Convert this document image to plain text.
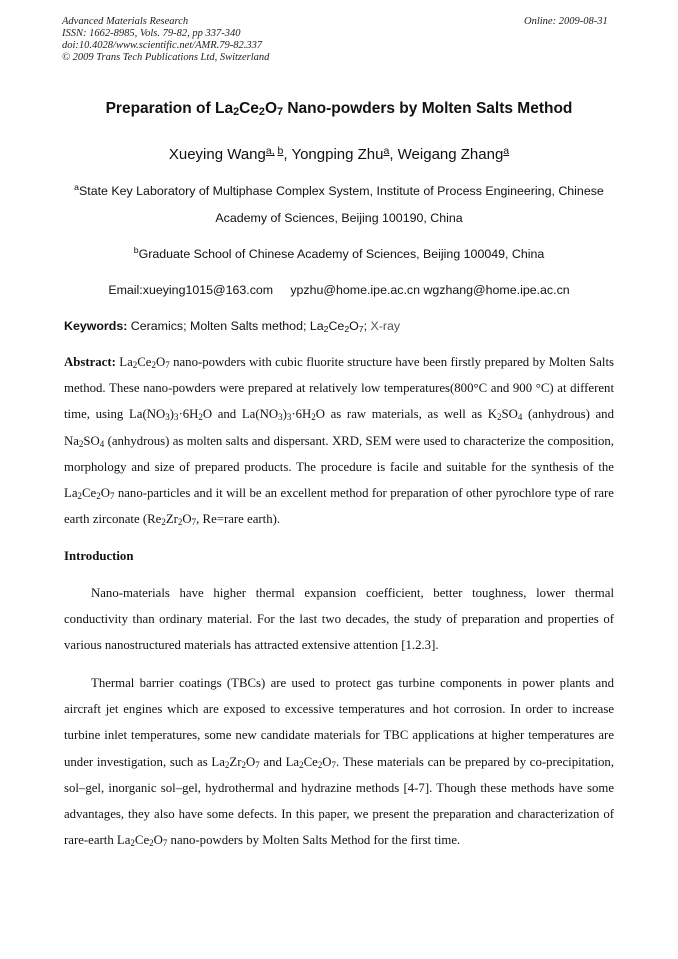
Advanced Materials Research
ISSN: 1662-8985, Vols. 79-82, pp 337-340
doi:10.4028/www.scientific.net/AMR.79-82.337
© 2009 Trans Tech Publications Ltd, Switzerland
Online: 2009-08-31
Preparation of $La_2Ce_2O_7$ Nano-powders by Molten Salts Method
Xueying Wang$^{a, b}$, Yongping Zhu$^a$, Weigang Zhang$^a$
$^a$State Key Laboratory of Multiphase Complex System, Institute of Process Engineering, Chinese
Academy of Sciences, Beijing 100190, China
$^b$Graduate School of Chinese Academy of Sciences, Beijing 100049, China
Email:xueying1015@163.com     ypzhu@home.ipe.ac.cn wgzhang@home.ipe.ac.cn
Keywords: Ceramics; Molten Salts method; $La_2Ce_2O_7$; X-ray
Abstract: $La_2Ce_2O_7$ nano-powders with cubic fluorite structure have been firstly prepared by Molten Salts method. These nano-powders were prepared at relatively low temperatures(800°C and 900 °C) at different time, using $La(NO_3)_3\cdot 6H_2O$ and $La(NO_3)_3\cdot 6H_2O$ as raw materials, as well as $K_2SO_4$ (anhydrous) and $Na_2SO_4$ (anhydrous) as molten salts and dispersant. XRD, SEM were used to characterize the composition, morphology and size of prepared products. The procedure is facile and suitable for the synthesis of the $La_2Ce_2O_7$ nano-particles and it will be an excellent method for preparation of other pyrochlore type of rare earth zirconate ($Re_2Zr_2O_7$, Re=rare earth).
Introduction
Nano-materials have higher thermal expansion coefficient, better toughness, lower thermal conductivity than ordinary material. For the last two decades, the study of preparation and properties of various nanostructured materials has attracted extensive attention [1.2.3].
Thermal barrier coatings (TBCs) are used to protect gas turbine components in power plants and aircraft jet engines which are exposed to excessive temperatures and hot corrosion. In order to increase turbine inlet temperatures, some new candidate materials for TBC applications at higher temperatures are under investigation, such as $La_2Zr_2O_7$ and $La_2Ce_2O_7$. These materials can be prepared by co-precipitation, sol–gel, inorganic sol–gel, hydrothermal and hydrazine methods [4-7]. Though these methods have some advantages, they also have some defects. In this paper, we present the preparation and characterization of rare-earth $La_2Ce_2O_7$ nano-powders by Molten Salts Method for the first time.
